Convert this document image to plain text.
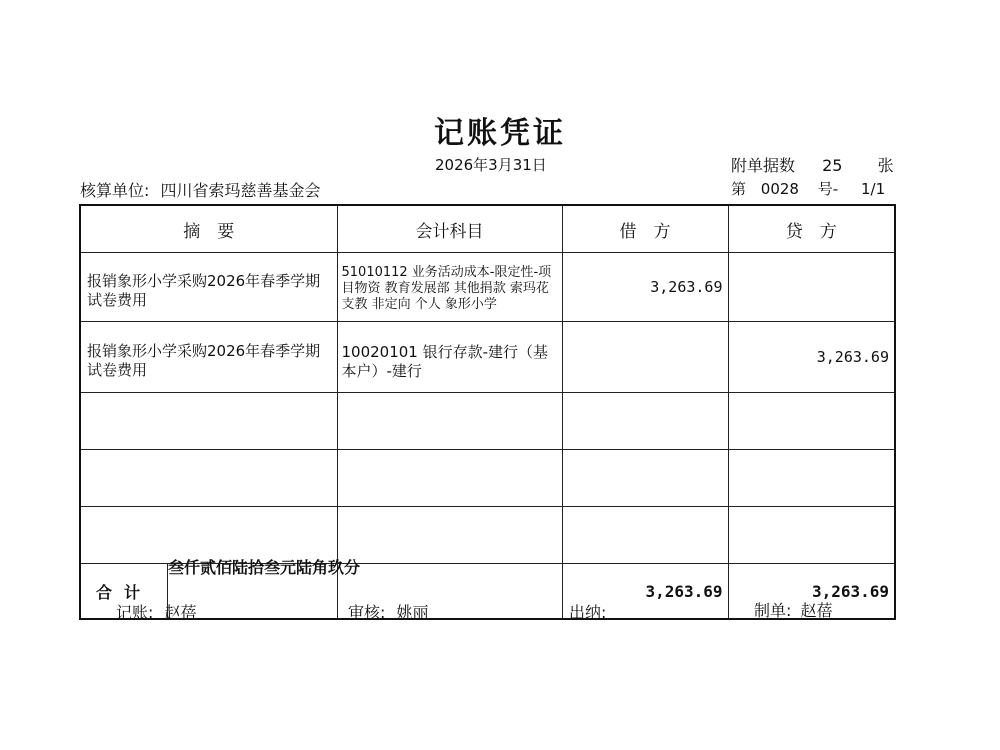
记账凭证
2026年3月31日	附单据数 25 张
核算单位: 四川省索玛慈善基金会	第 0028 号- 1/1
摘　要	会计科目	借　方	贷　方
报销象形小学采购2026年春季学期试卷费用	51010112 业务活动成本-限定性-项目物资 教育发展部 其他捐款 索玛花支教 非定向 个人 象形小学	3,263.69	
报销象形小学采购2026年春季学期试卷费用	10020101 银行存款-建行（基本户）-建行		3,263.69

合计		3,263.69	3,263.69
叁仟贰佰陆拾叁元陆角玖分
记账: 赵蓓	审核: 姚丽	出纳:	制单: 赵蓓
